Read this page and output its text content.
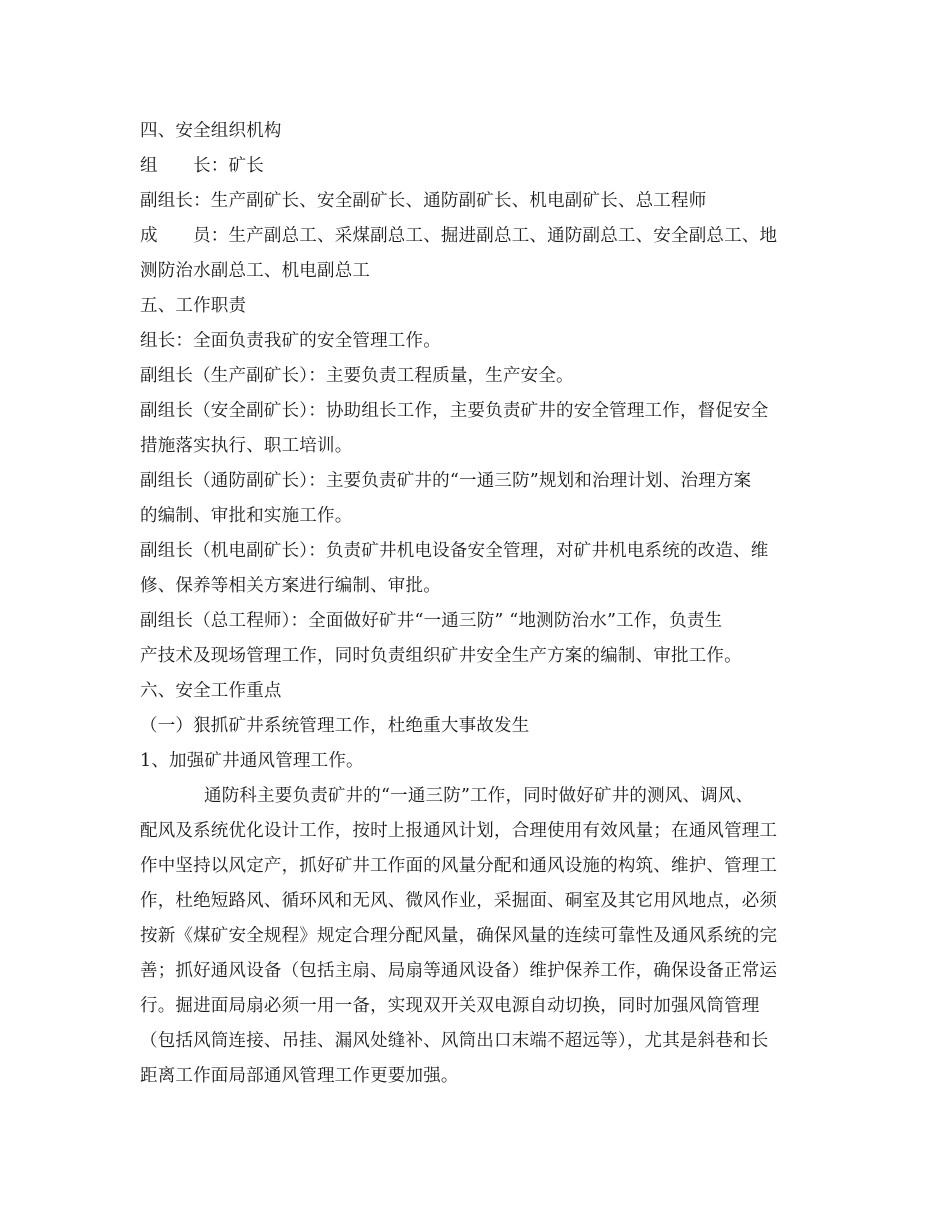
四、安全组织机构
组　　长：矿长
副组长：生产副矿长、安全副矿长、通防副矿长、机电副矿长、总工程师
成　　员：生产副总工、采煤副总工、掘进副总工、通防副总工、安全副总工、地
测防治水副总工、机电副总工
五、工作职责
组长：全面负责我矿的安全管理工作。
副组长（生产副矿长）：主要负责工程质量，生产安全。
副组长（安全副矿长）：协助组长工作，主要负责矿井的安全管理工作，督促安全
措施落实执行、职工培训。
副组长（通防副矿长）：主要负责矿井的“一通三防”规划和治理计划、治理方案
的编制、审批和实施工作。
副组长（机电副矿长）：负责矿井机电设备安全管理，对矿井机电系统的改造、维
修、保养等相关方案进行编制、审批。
副组长（总工程师）：全面做好矿井“一通三防” “地测防治水”工作，负责生
产技术及现场管理工作，同时负责组织矿井安全生产方案的编制、审批工作。
六、安全工作重点
（一）狠抓矿井系统管理工作，杜绝重大事故发生
1、加强矿井通风管理工作。
通防科主要负责矿井的“一通三防”工作，同时做好矿井的测风、调风、
配风及系统优化设计工作，按时上报通风计划，合理使用有效风量；在通风管理工
作中坚持以风定产，抓好矿井工作面的风量分配和通风设施的构筑、维护、管理工
作，杜绝短路风、循环风和无风、微风作业，采掘面、硐室及其它用风地点，必须
按新《煤矿安全规程》规定合理分配风量，确保风量的连续可靠性及通风系统的完
善；抓好通风设备（包括主扇、局扇等通风设备）维护保养工作，确保设备正常运
行。掘进面局扇必须一用一备，实现双开关双电源自动切换，同时加强风筒管理
（包括风筒连接、吊挂、漏风处缝补、风筒出口末端不超远等），尤其是斜巷和长
距离工作面局部通风管理工作更要加强。
